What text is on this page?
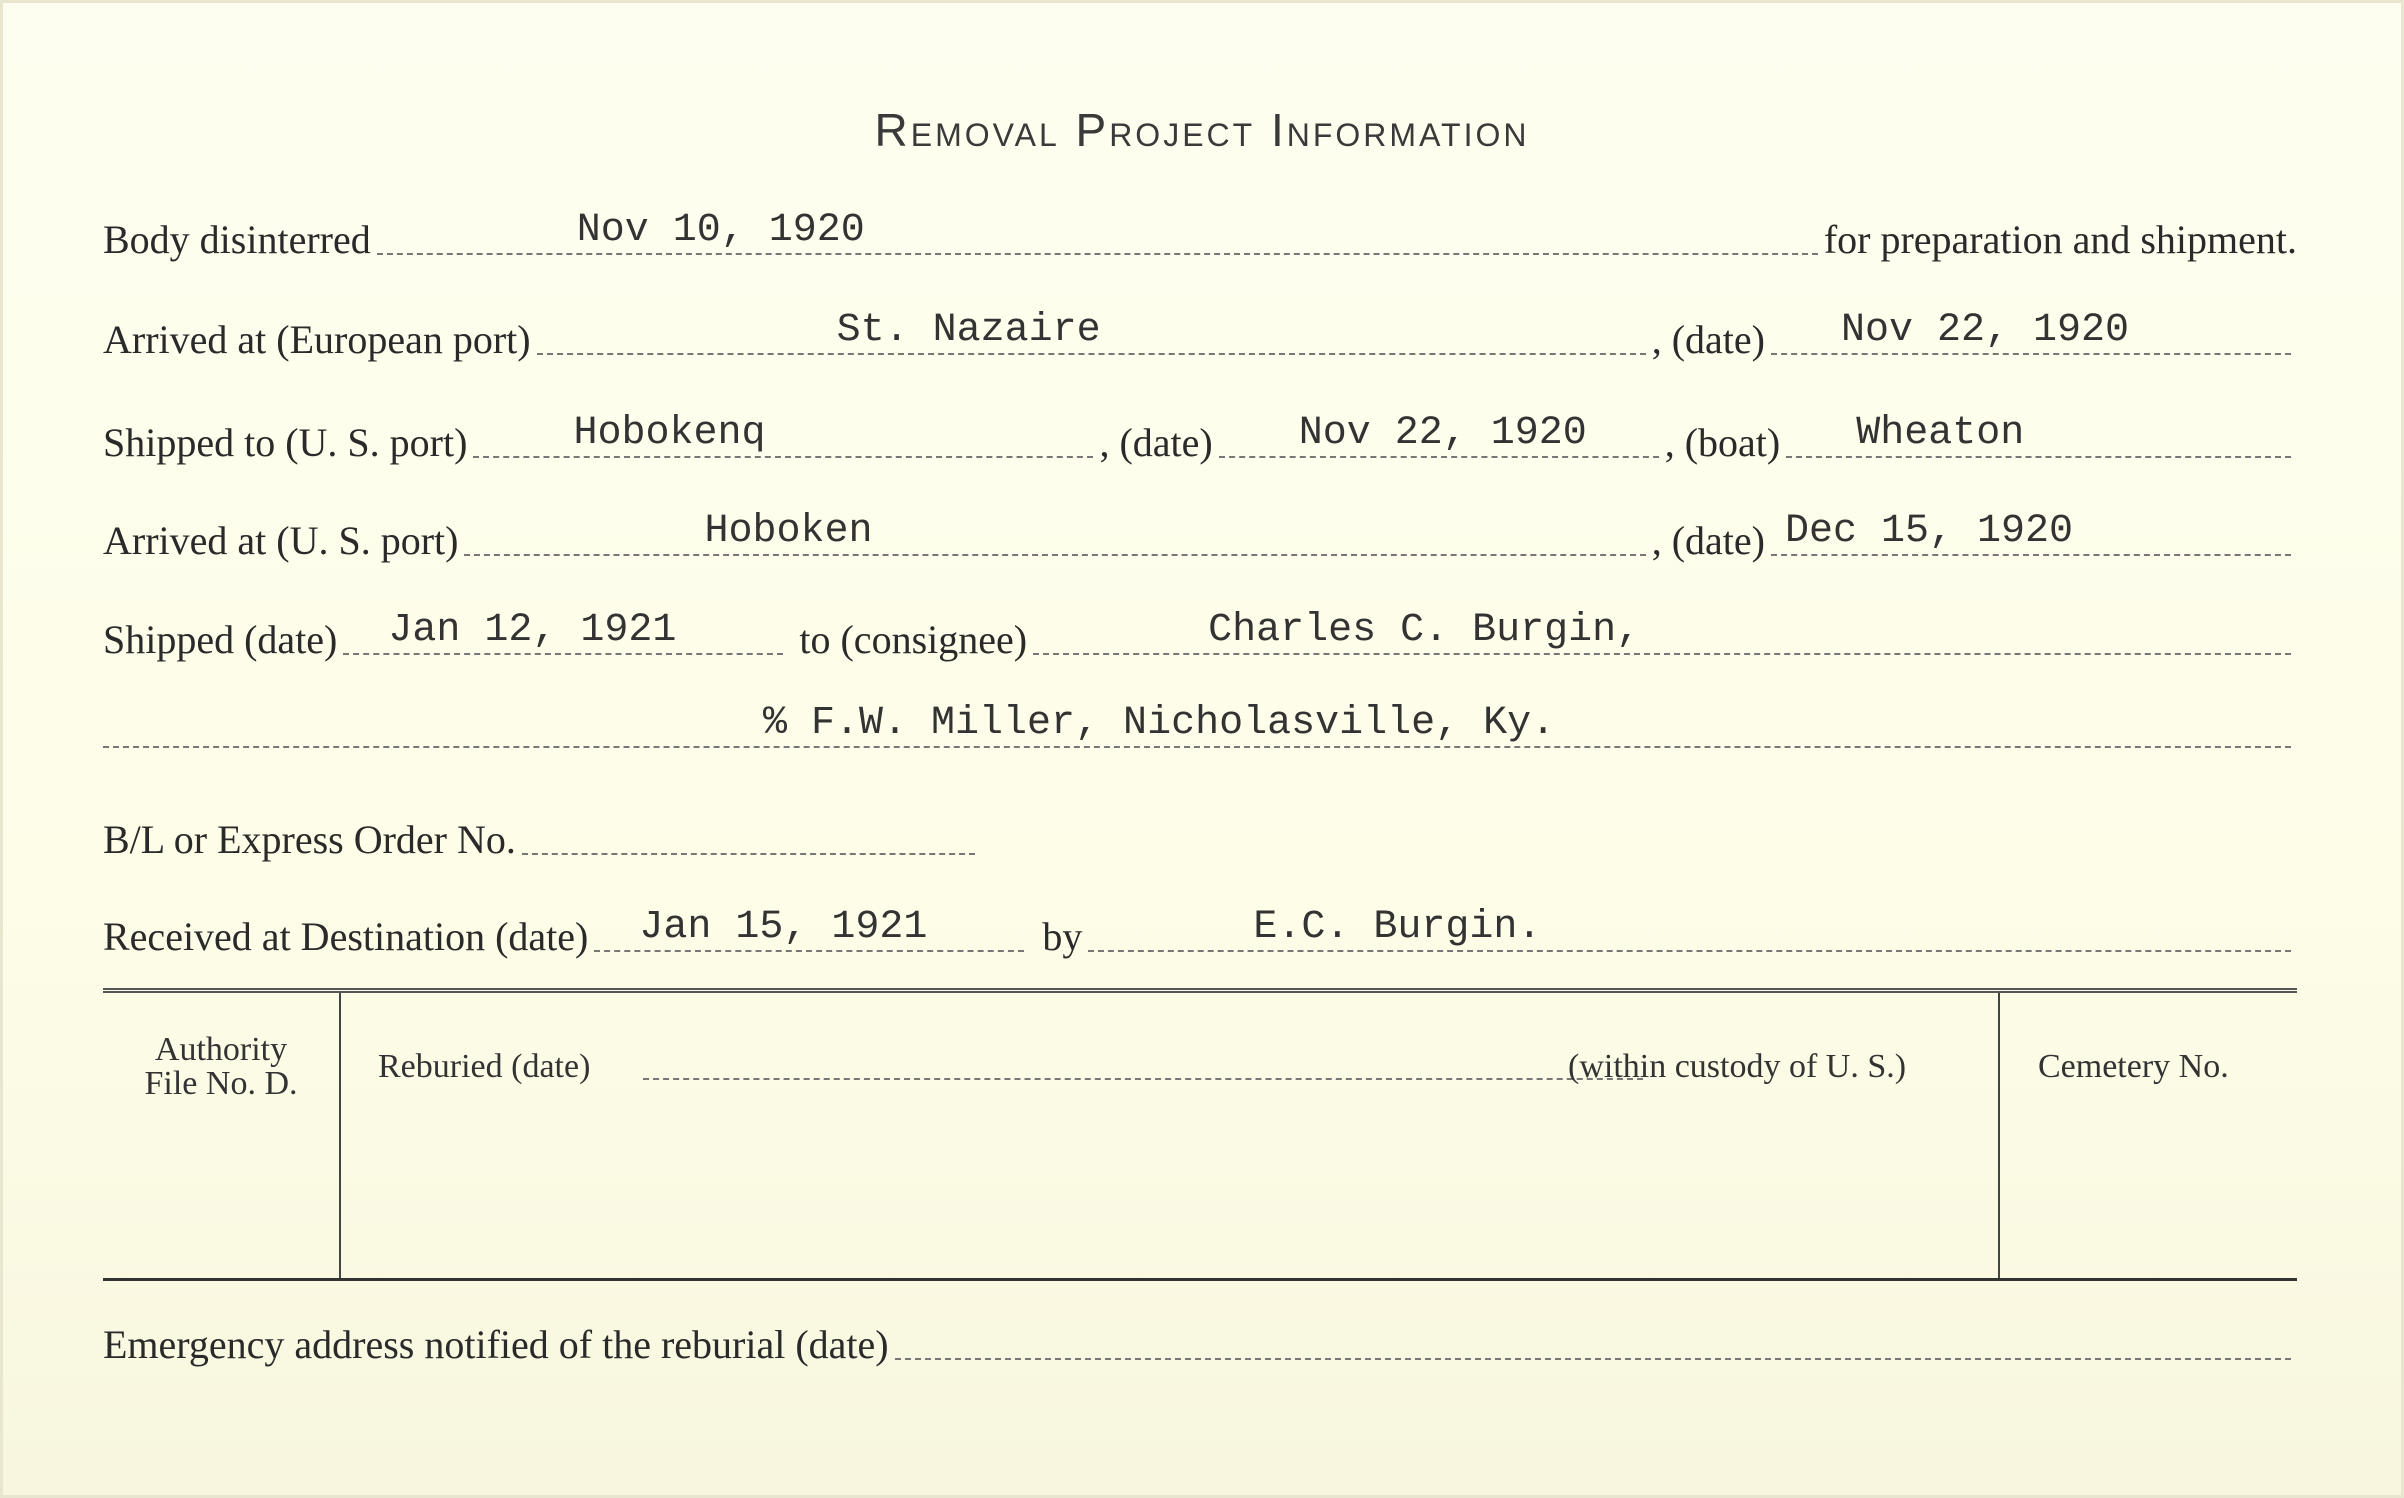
Removal Project Information
Body disinterred	Nov 10, 1920	for preparation and shipment.
Arrived at (European port)	St. Nazaire	, (date) Nov 22, 1920
Shipped to (U. S. port)	Hobokenq	, (date) Nov 22, 1920 , (boat) Wheaton
Arrived at (U. S. port)	Hoboken	, (date) Dec 15, 1920
Shipped (date) Jan 12, 1921	to (consignee)	Charles C. Burgin,
% F.W. Miller, Nicholasville, Ky.
B/L or Express Order No.
Received at Destination (date) Jan 15, 1921	by	E.C. Burgin.
Authority
File No. D.	Reburied (date)	(within custody of U. S.)	Cemetery No.
Emergency address notified of the reburial (date)
